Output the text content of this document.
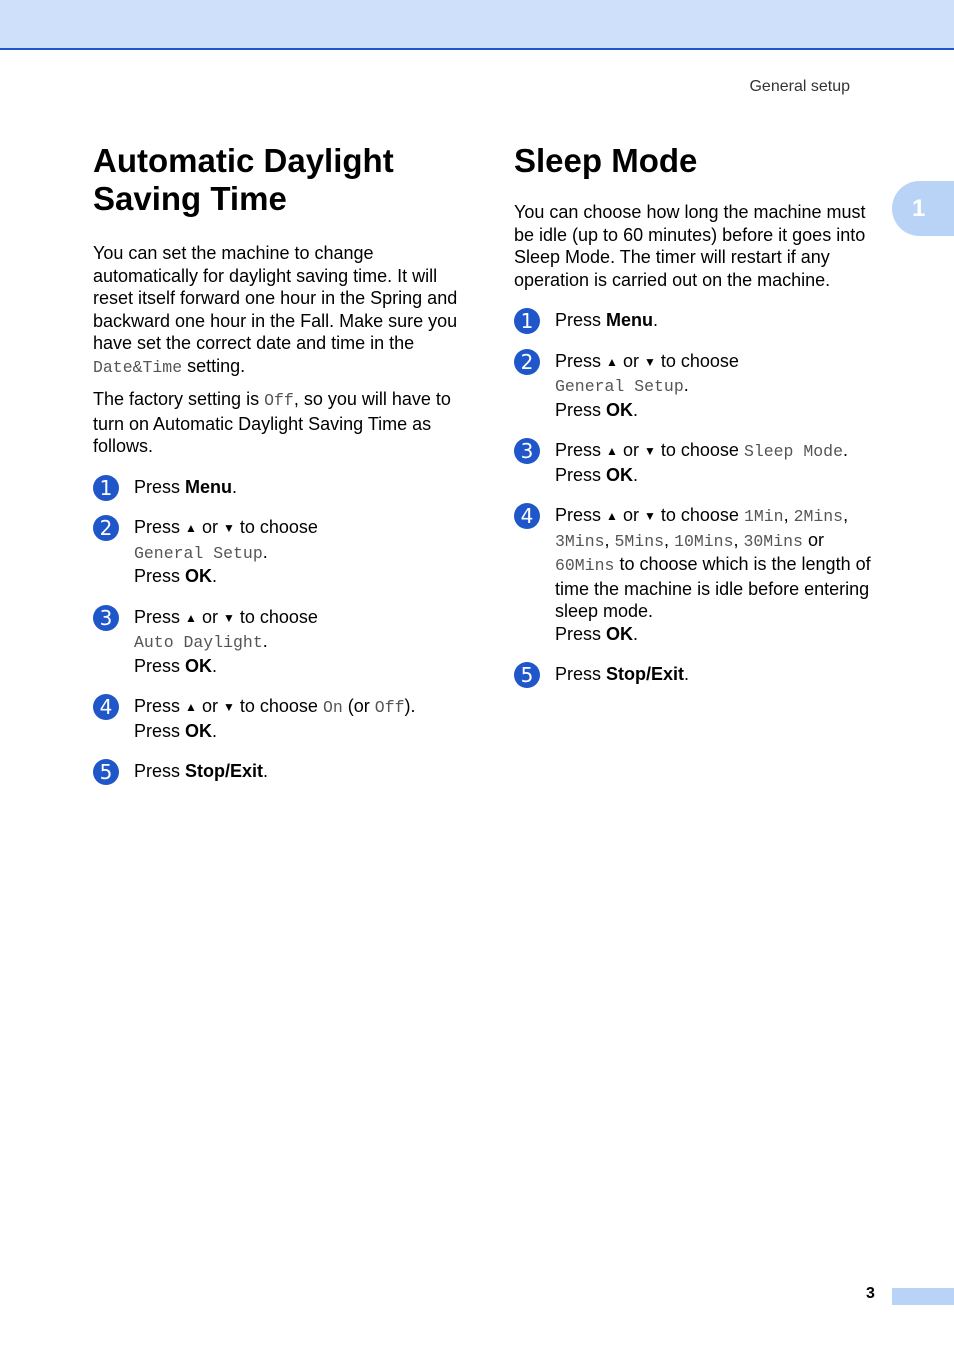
General setup
1
Automatic Daylight
Saving Time

You can set the machine to change automatically for daylight saving time. It will reset itself forward one hour in the Spring and backward one hour in the Fall. Make sure you have set the correct date and time in the
Date&Time setting.

The factory setting is Off, so you will have to turn on Automatic Daylight Saving Time as follows.

1	Press Menu.
2	Press ▲ or ▼ to choose
General Setup.
Press OK.
3	Press ▲ or ▼ to choose
Auto Daylight.
Press OK.
4	Press ▲ or ▼ to choose On (or Off).
Press OK.
5	Press Stop/Exit.
Sleep Mode

You can choose how long the machine must be idle (up to 60 minutes) before it goes into Sleep Mode. The timer will restart if any operation is carried out on the machine.

1	Press Menu.
2	Press ▲ or ▼ to choose
General Setup.
Press OK.
3	Press ▲ or ▼ to choose Sleep Mode.
Press OK.
4	Press ▲ or ▼ to choose 1Min, 2Mins,
3Mins, 5Mins, 10Mins, 30Mins or
60Mins to choose which is the length of time the machine is idle before entering sleep mode.
Press OK.
5	Press Stop/Exit.
3
